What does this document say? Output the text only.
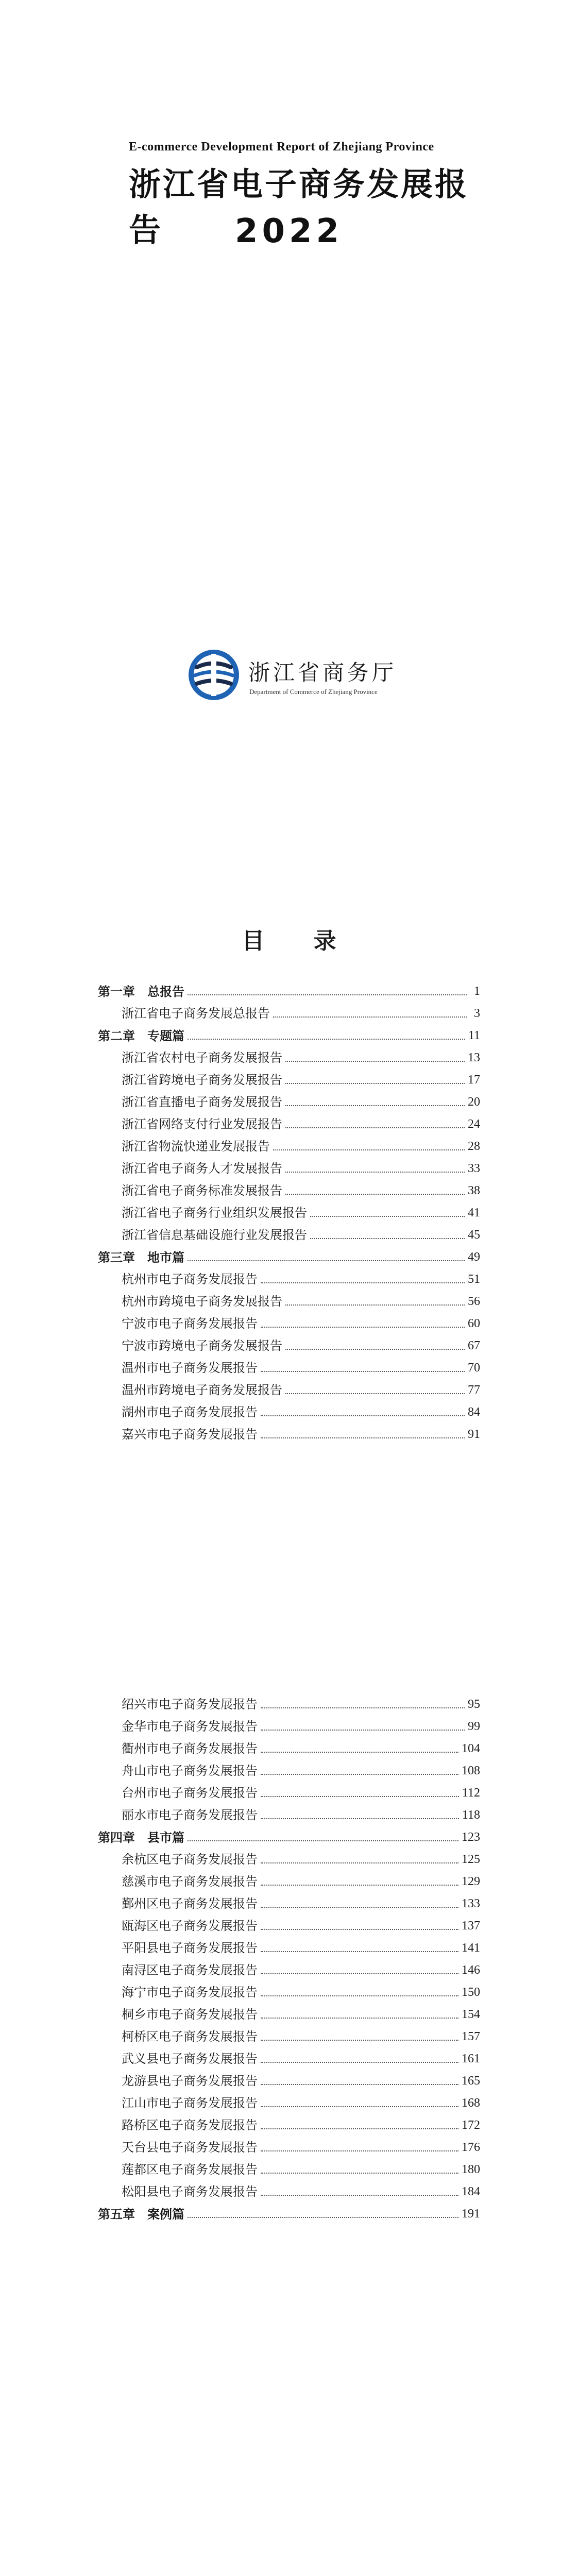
E-commerce Development Report of Zhejiang Province
浙江省电子商务发展报告	2022
浙江省商务厅
Department of Commerce of Zhejiang Province
目 录
第一章　总报告	1
浙江省电子商务发展总报告	3
第二章　专题篇	11
浙江省农村电子商务发展报告	13
浙江省跨境电子商务发展报告	17
浙江省直播电子商务发展报告	20
浙江省网络支付行业发展报告	24
浙江省物流快递业发展报告	28
浙江省电子商务人才发展报告	33
浙江省电子商务标准发展报告	38
浙江省电子商务行业组织发展报告	41
浙江省信息基础设施行业发展报告	45
第三章　地市篇	49
杭州市电子商务发展报告	51
杭州市跨境电子商务发展报告	56
宁波市电子商务发展报告	60
宁波市跨境电子商务发展报告	67
温州市电子商务发展报告	70
温州市跨境电子商务发展报告	77
湖州市电子商务发展报告	84
嘉兴市电子商务发展报告	91
绍兴市电子商务发展报告	95
金华市电子商务发展报告	99
衢州市电子商务发展报告	104
舟山市电子商务发展报告	108
台州市电子商务发展报告	112
丽水市电子商务发展报告	118
第四章　县市篇	123
余杭区电子商务发展报告	125
慈溪市电子商务发展报告	129
鄞州区电子商务发展报告	133
瓯海区电子商务发展报告	137
平阳县电子商务发展报告	141
南浔区电子商务发展报告	146
海宁市电子商务发展报告	150
桐乡市电子商务发展报告	154
柯桥区电子商务发展报告	157
武义县电子商务发展报告	161
龙游县电子商务发展报告	165
江山市电子商务发展报告	168
路桥区电子商务发展报告	172
天台县电子商务发展报告	176
莲都区电子商务发展报告	180
松阳县电子商务发展报告	184
第五章　案例篇	191
